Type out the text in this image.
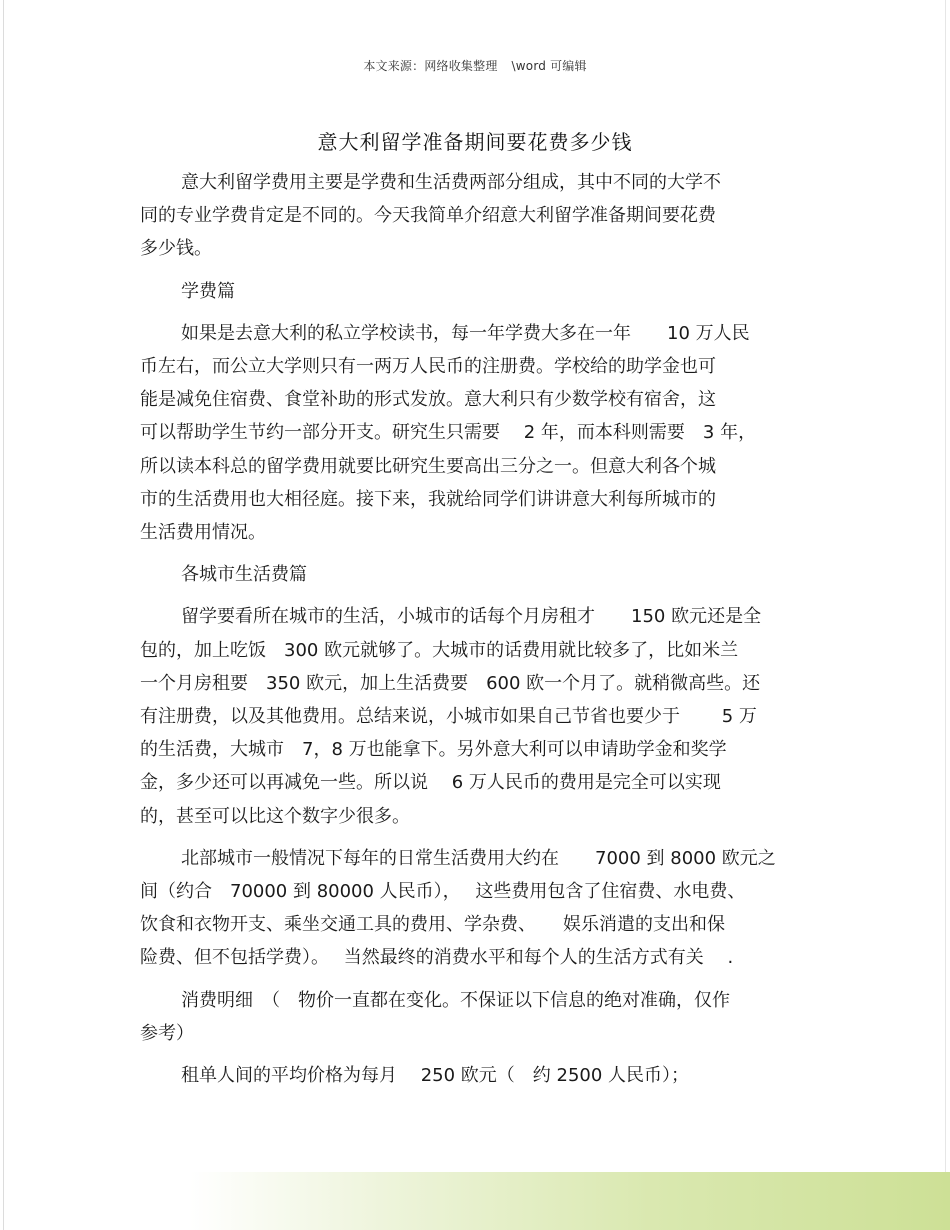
本文来源：网络收集整理 \word 可编辑
意大利留学准备期间要花费多少钱
意大利留学费用主要是学费和生活费两部分组成，其中不同的大学不
同的专业学费肯定是不同的。今天我简单介绍意大利留学准备期间要花费
多少钱。
学费篇
如果是去意大利的私立学校读书，每一年学费大多在一年　　10 万人民
币左右，而公立大学则只有一两万人民币的注册费。学校给的助学金也可
能是减免住宿费、食堂补助的形式发放。意大利只有少数学校有宿舍，这
可以帮助学生节约一部分开支。研究生只需要　 2 年，而本科则需要　3 年，
所以读本科总的留学费用就要比研究生要高出三分之一。但意大利各个城
市的生活费用也大相径庭。接下来，我就给同学们讲讲意大利每所城市的
生活费用情况。
各城市生活费篇
留学要看所在城市的生活，小城市的话每个月房租才　　150 欧元还是全
包的，加上吃饭　300 欧元就够了。大城市的话费用就比较多了，比如米兰
一个月房租要　350 欧元，加上生活费要　600 欧一个月了。就稍微高些。还
有注册费，以及其他费用。总结来说，小城市如果自己节省也要少于　　 5 万
的生活费，大城市　7，8 万也能拿下。另外意大利可以申请助学金和奖学
金，多少还可以再减免一些。所以说　 6 万人民币的费用是完全可以实现
的，甚至可以比这个数字少很多。
北部城市一般情况下每年的日常生活费用大约在　　7000 到 8000 欧元之
间（约合　70000 到 80000 人民币），　 这些费用包含了住宿费、水电费、
饮食和衣物开支、乘坐交通工具的费用、学杂费、　　娱乐消遣的支出和保
险费、但不包括学费）。　 当然最终的消费水平和每个人的生活方式有关　 .
消费明细　（　物价一直都在变化。不保证以下信息的绝对准确，仅作
参考）
租单人间的平均价格为每月　 250 欧元（　约 2500 人民币）；
